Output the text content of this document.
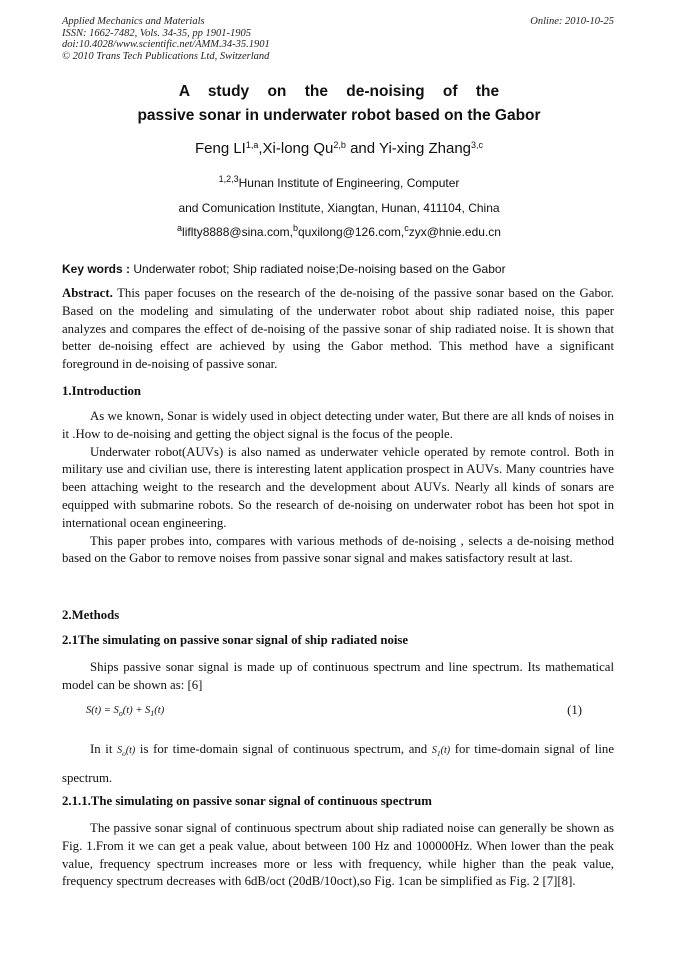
Applied Mechanics and Materials
ISSN: 1662-7482, Vols. 34-35, pp 1901-1905
doi:10.4028/www.scientific.net/AMM.34-35.1901
© 2010 Trans Tech Publications Ltd, Switzerland
Online: 2010-10-25
A study on the de-noising of the
passive sonar in underwater robot based on the Gabor
Feng LI$^{1,a}$,Xi-long Qu$^{2,b}$ and Yi-xing Zhang$^{3,c}$
$^{1,2,3}$Hunan Institute of Engineering, Computer
and Comunication Institute, Xiangtan, Hunan, 411104, China
$^a$liflty8888@sina.com,$^b$quxilong@126.com,$^c$zyx@hnie.edu.cn
Key words : Underwater robot; Ship radiated noise;De-noising based on the Gabor

Abstract. This paper focuses on the research of the de-noising of the passive sonar based on the Gabor. Based on the modeling and simulating of the underwater robot about ship radiated noise, this paper analyzes and compares the effect of de-noising of the passive sonar of ship radiated noise. It is shown that better de-noising effect are achieved by using the Gabor method. This method have a significant foreground in de-noising of passive sonar.

1.Introduction

As we known, Sonar is widely used in object detecting under water, But there are all knds of noises in it .How to de-noising and getting the object signal is the focus of the people.

Underwater robot(AUVs) is also named as underwater vehicle operated by remote control. Both in military use and civilian use, there is interesting latent application prospect in AUVs. Many countries have been attaching weight to the research and the development about AUVs. Nearly all kinds of sonars are equipped with submarine robots. So the research of de-noising on underwater robot has been hot spot in international ocean engineering.

This paper probes into, compares with various methods of de-noising , selects a de-noising method based on the Gabor to remove noises from passive sonar signal and makes satisfactory result at last.

2.Methods
2.1The simulating on passive sonar signal of ship radiated noise

Ships passive sonar signal is made up of continuous spectrum and line spectrum. Its mathematical model can be shown as: [6]

$S(t) = S_o(t) + S_1(t)$	(1)

In it $S_o(t)$ is for time-domain signal of continuous spectrum, and $S_1(t)$ for time-domain signal of line spectrum.

2.1.1.The simulating on passive sonar signal of continuous spectrum

The passive sonar signal of continuous spectrum about ship radiated noise can generally be shown as Fig. 1.From it we can get a peak value, about between 100 Hz and 100000Hz. When lower than the peak value, frequency spectrum increases more or less with frequency, while higher than the peak value, frequency spectrum decreases with 6dB/oct (20dB/10oct),so Fig. 1can be simplified as Fig. 2 [7][8].
